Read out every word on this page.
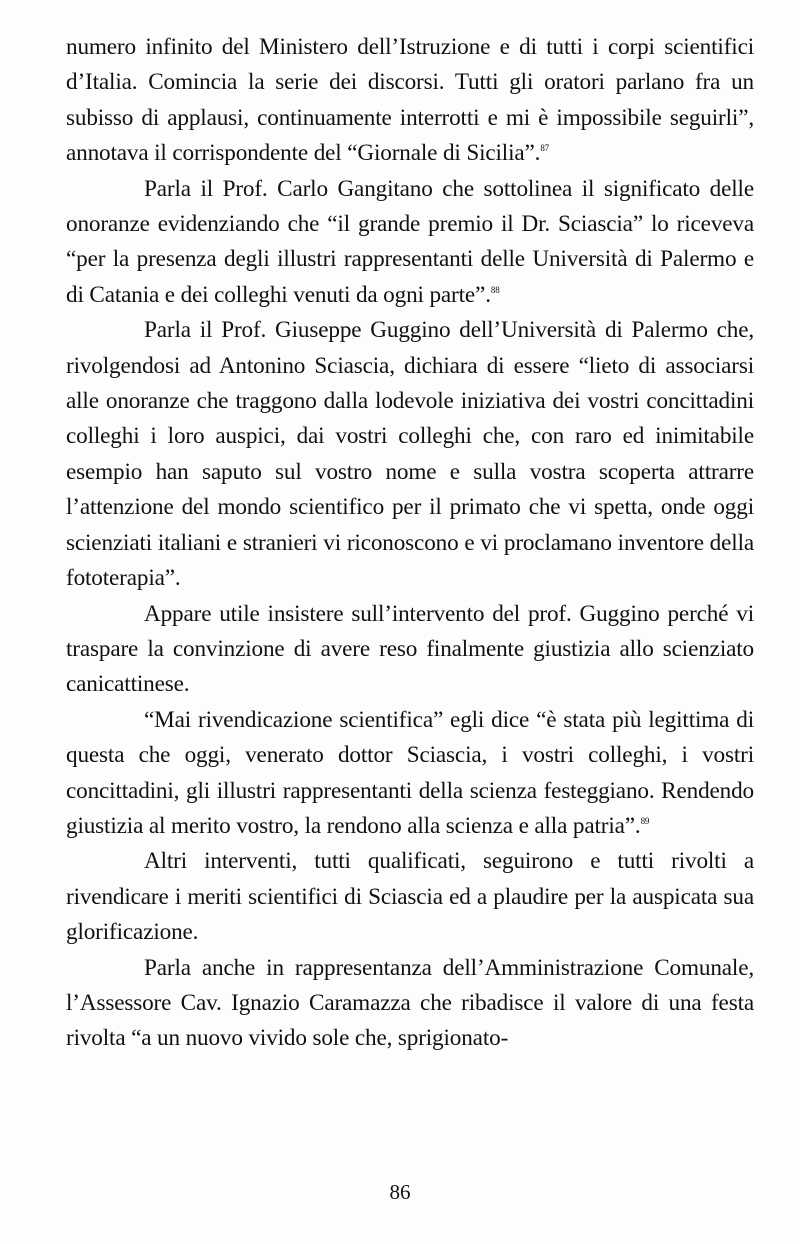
numero infinito del Ministero dell’Istruzione e di tutti i corpi scientifici d’Italia. Comincia la serie dei discorsi. Tutti gli oratori parlano fra un subisso di applausi, continuamente interrotti e mi è impossibile seguirli”, annotava il corrispondente del “Giornale di Sicilia”.$^{87}$

Parla il Prof. Carlo Gangitano che sottolinea il significato delle onoranze evidenziando che “il grande premio il Dr. Sciascia” lo riceveva “per la presenza degli illustri rappresentanti delle Università di Palermo e di Catania e dei colleghi venuti da ogni parte”.$^{88}$

Parla il Prof. Giuseppe Guggino dell’Università di Palermo che, rivolgendosi ad Antonino Sciascia, dichiara di essere “lieto di associarsi alle onoranze che traggono dalla lodevole iniziativa dei vostri concittadini colleghi i loro auspici, dai vostri colleghi che, con raro ed inimitabile esempio han saputo sul vostro nome e sulla vostra scoperta attrarre l’attenzione del mondo scientifico per il primato che vi spetta, onde oggi scienziati italiani e stranieri vi riconoscono e vi proclamano inventore della fototerapia”.

Appare utile insistere sull’intervento del prof. Guggino perché vi traspare la convinzione di avere reso finalmente giustizia allo scienziato canicattinese.

“Mai rivendicazione scientifica” egli dice “è stata più legittima di questa che oggi, venerato dottor Sciascia, i vostri colleghi, i vostri concittadini, gli illustri rappresentanti della scienza festeggiano. Rendendo giustizia al merito vostro, la rendono alla scienza e alla patria”.$^{89}$

Altri interventi, tutti qualificati, seguirono e tutti rivolti a rivendicare i meriti scientifici di Sciascia ed a plaudire per la auspicata sua glorificazione.

Parla anche in rappresentanza dell’Amministrazione Comunale, l’Assessore Cav. Ignazio Caramazza che ribadisce il valore di una festa rivolta “a un nuovo vivido sole che, sprigionato-

86
